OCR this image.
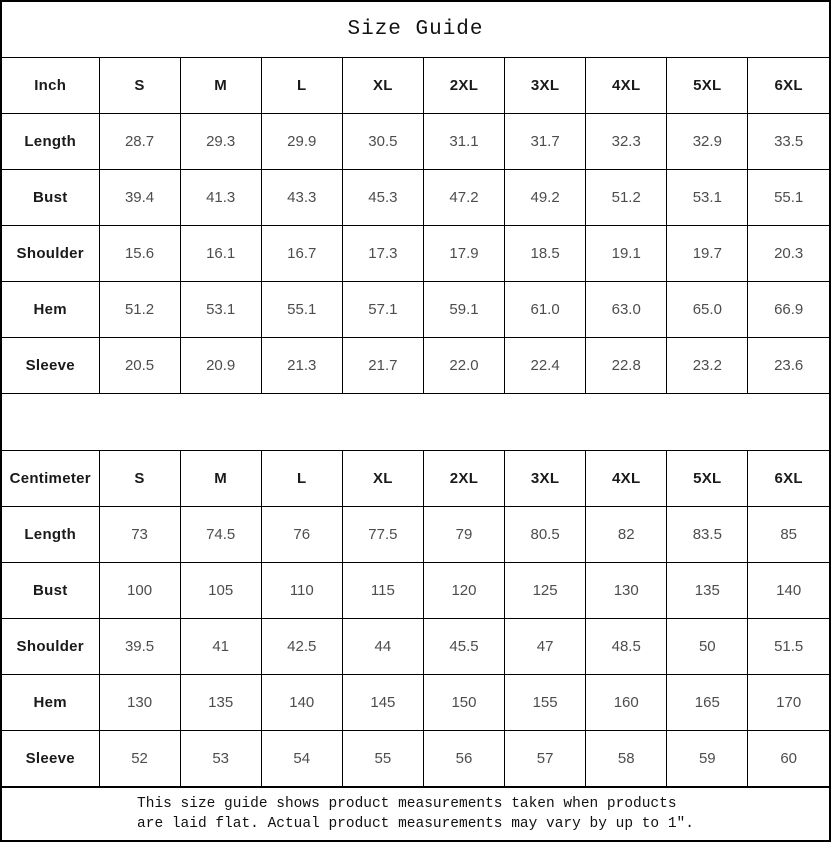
Size Guide
Inch	S	M	L	XL	2XL	3XL	4XL	5XL	6XL
Length	28.7	29.3	29.9	30.5	31.1	31.7	32.3	32.9	33.5
Bust	39.4	41.3	43.3	45.3	47.2	49.2	51.2	53.1	55.1
Shoulder	15.6	16.1	16.7	17.3	17.9	18.5	19.1	19.7	20.3
Hem	51.2	53.1	55.1	57.1	59.1	61.0	63.0	65.0	66.9
Sleeve	20.5	20.9	21.3	21.7	22.0	22.4	22.8	23.2	23.6
Centimeter	S	M	L	XL	2XL	3XL	4XL	5XL	6XL
Length	73	74.5	76	77.5	79	80.5	82	83.5	85
Bust	100	105	110	115	120	125	130	135	140
Shoulder	39.5	41	42.5	44	45.5	47	48.5	50	51.5
Hem	130	135	140	145	150	155	160	165	170
Sleeve	52	53	54	55	56	57	58	59	60
This size guide shows product measurements taken when products
are laid flat. Actual product measurements may vary by up to 1″.
